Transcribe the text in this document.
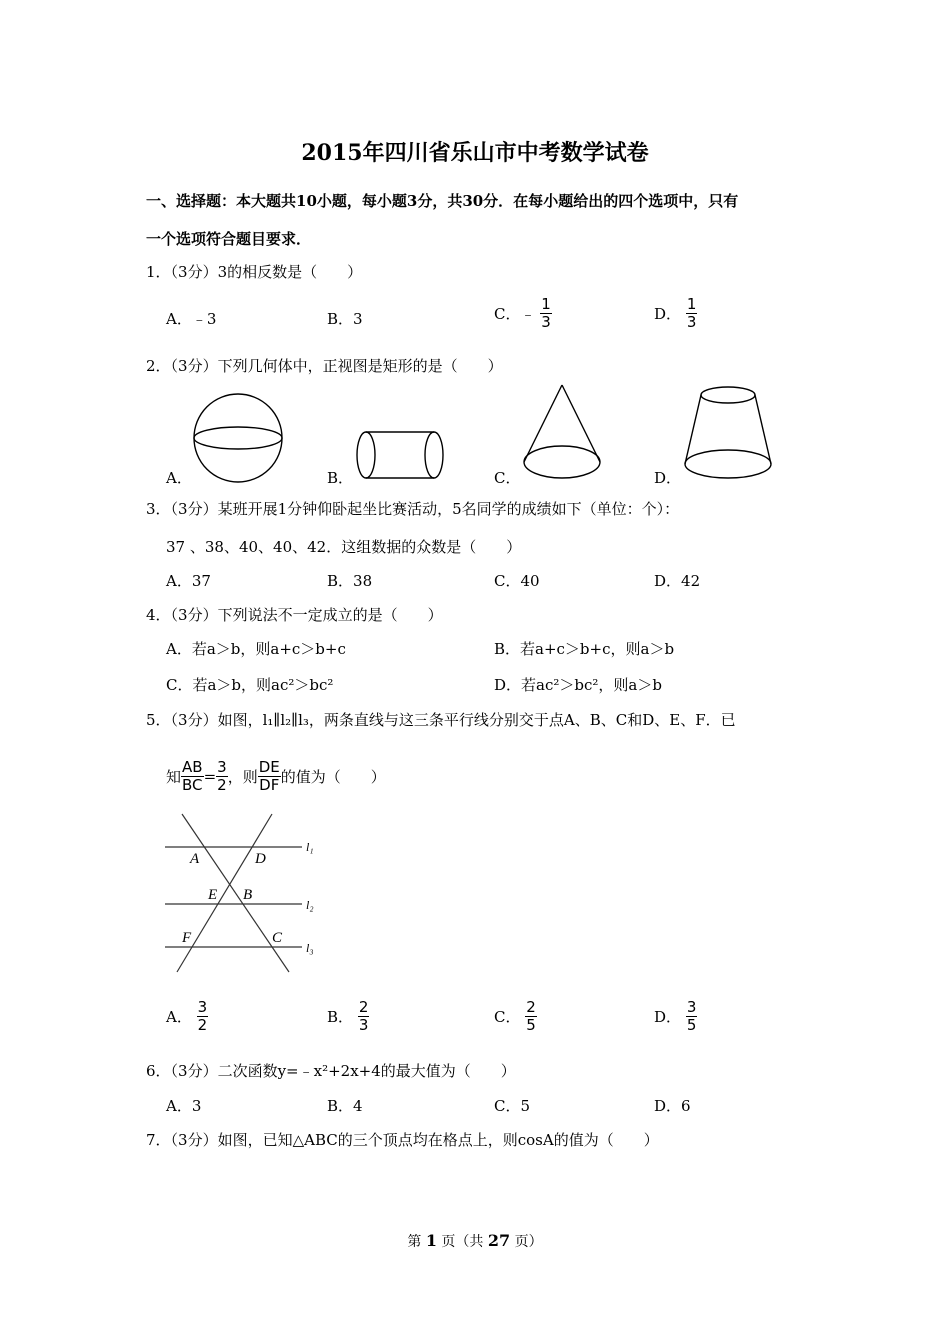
2015年四川省乐山市中考数学试卷
一、选择题：本大题共10小题，每小题3分，共30分．在每小题给出的四个选项中，只有
一个选项符合题目要求．
1．（3分）3的相反数是（　　）
A．﹣3	B．3	C．﹣ $\frac{1}{3}$	D． $\frac{1}{3}$
2．（3分）下列几何体中，正视图是矩形的是（　　）
A．	B．	C．	D．
3．（3分）某班开展1分钟仰卧起坐比赛活动，5名同学的成绩如下（单位：个）：
37 、38、40、40、42．这组数据的众数是（　　）
A．37	B．38	C．40	D．42
4．（3分）下列说法不一定成立的是（　　）
A．若a＞b，则a+c＞b+c	B．若a+c＞b+c，则a＞b
C．若a＞b，则ac²＞bc²	D．若ac²＞bc²，则a＞b
5．（3分）如图，l₁∥l₂∥l₃，两条直线与这三条平行线分别交于点A、B、C和D、E、F．已
知 $\frac{AB}{BC} = \frac{3}{2}$ ，则 $\frac{DE}{DF}$ 的值为（　　）
A	D
E B
F	C
l₁
l₂
l₃
A． $\frac{3}{2}$	B． $\frac{2}{3}$	C． $\frac{2}{5}$	D． $\frac{3}{5}$
6．（3分）二次函数y=﹣x²+2x+4的最大值为（　　）
A．3	B．4	C．5	D．6
7．（3分）如图，已知△ABC的三个顶点均在格点上，则cosA的值为（　　）
第 1 页（共 27 页）
